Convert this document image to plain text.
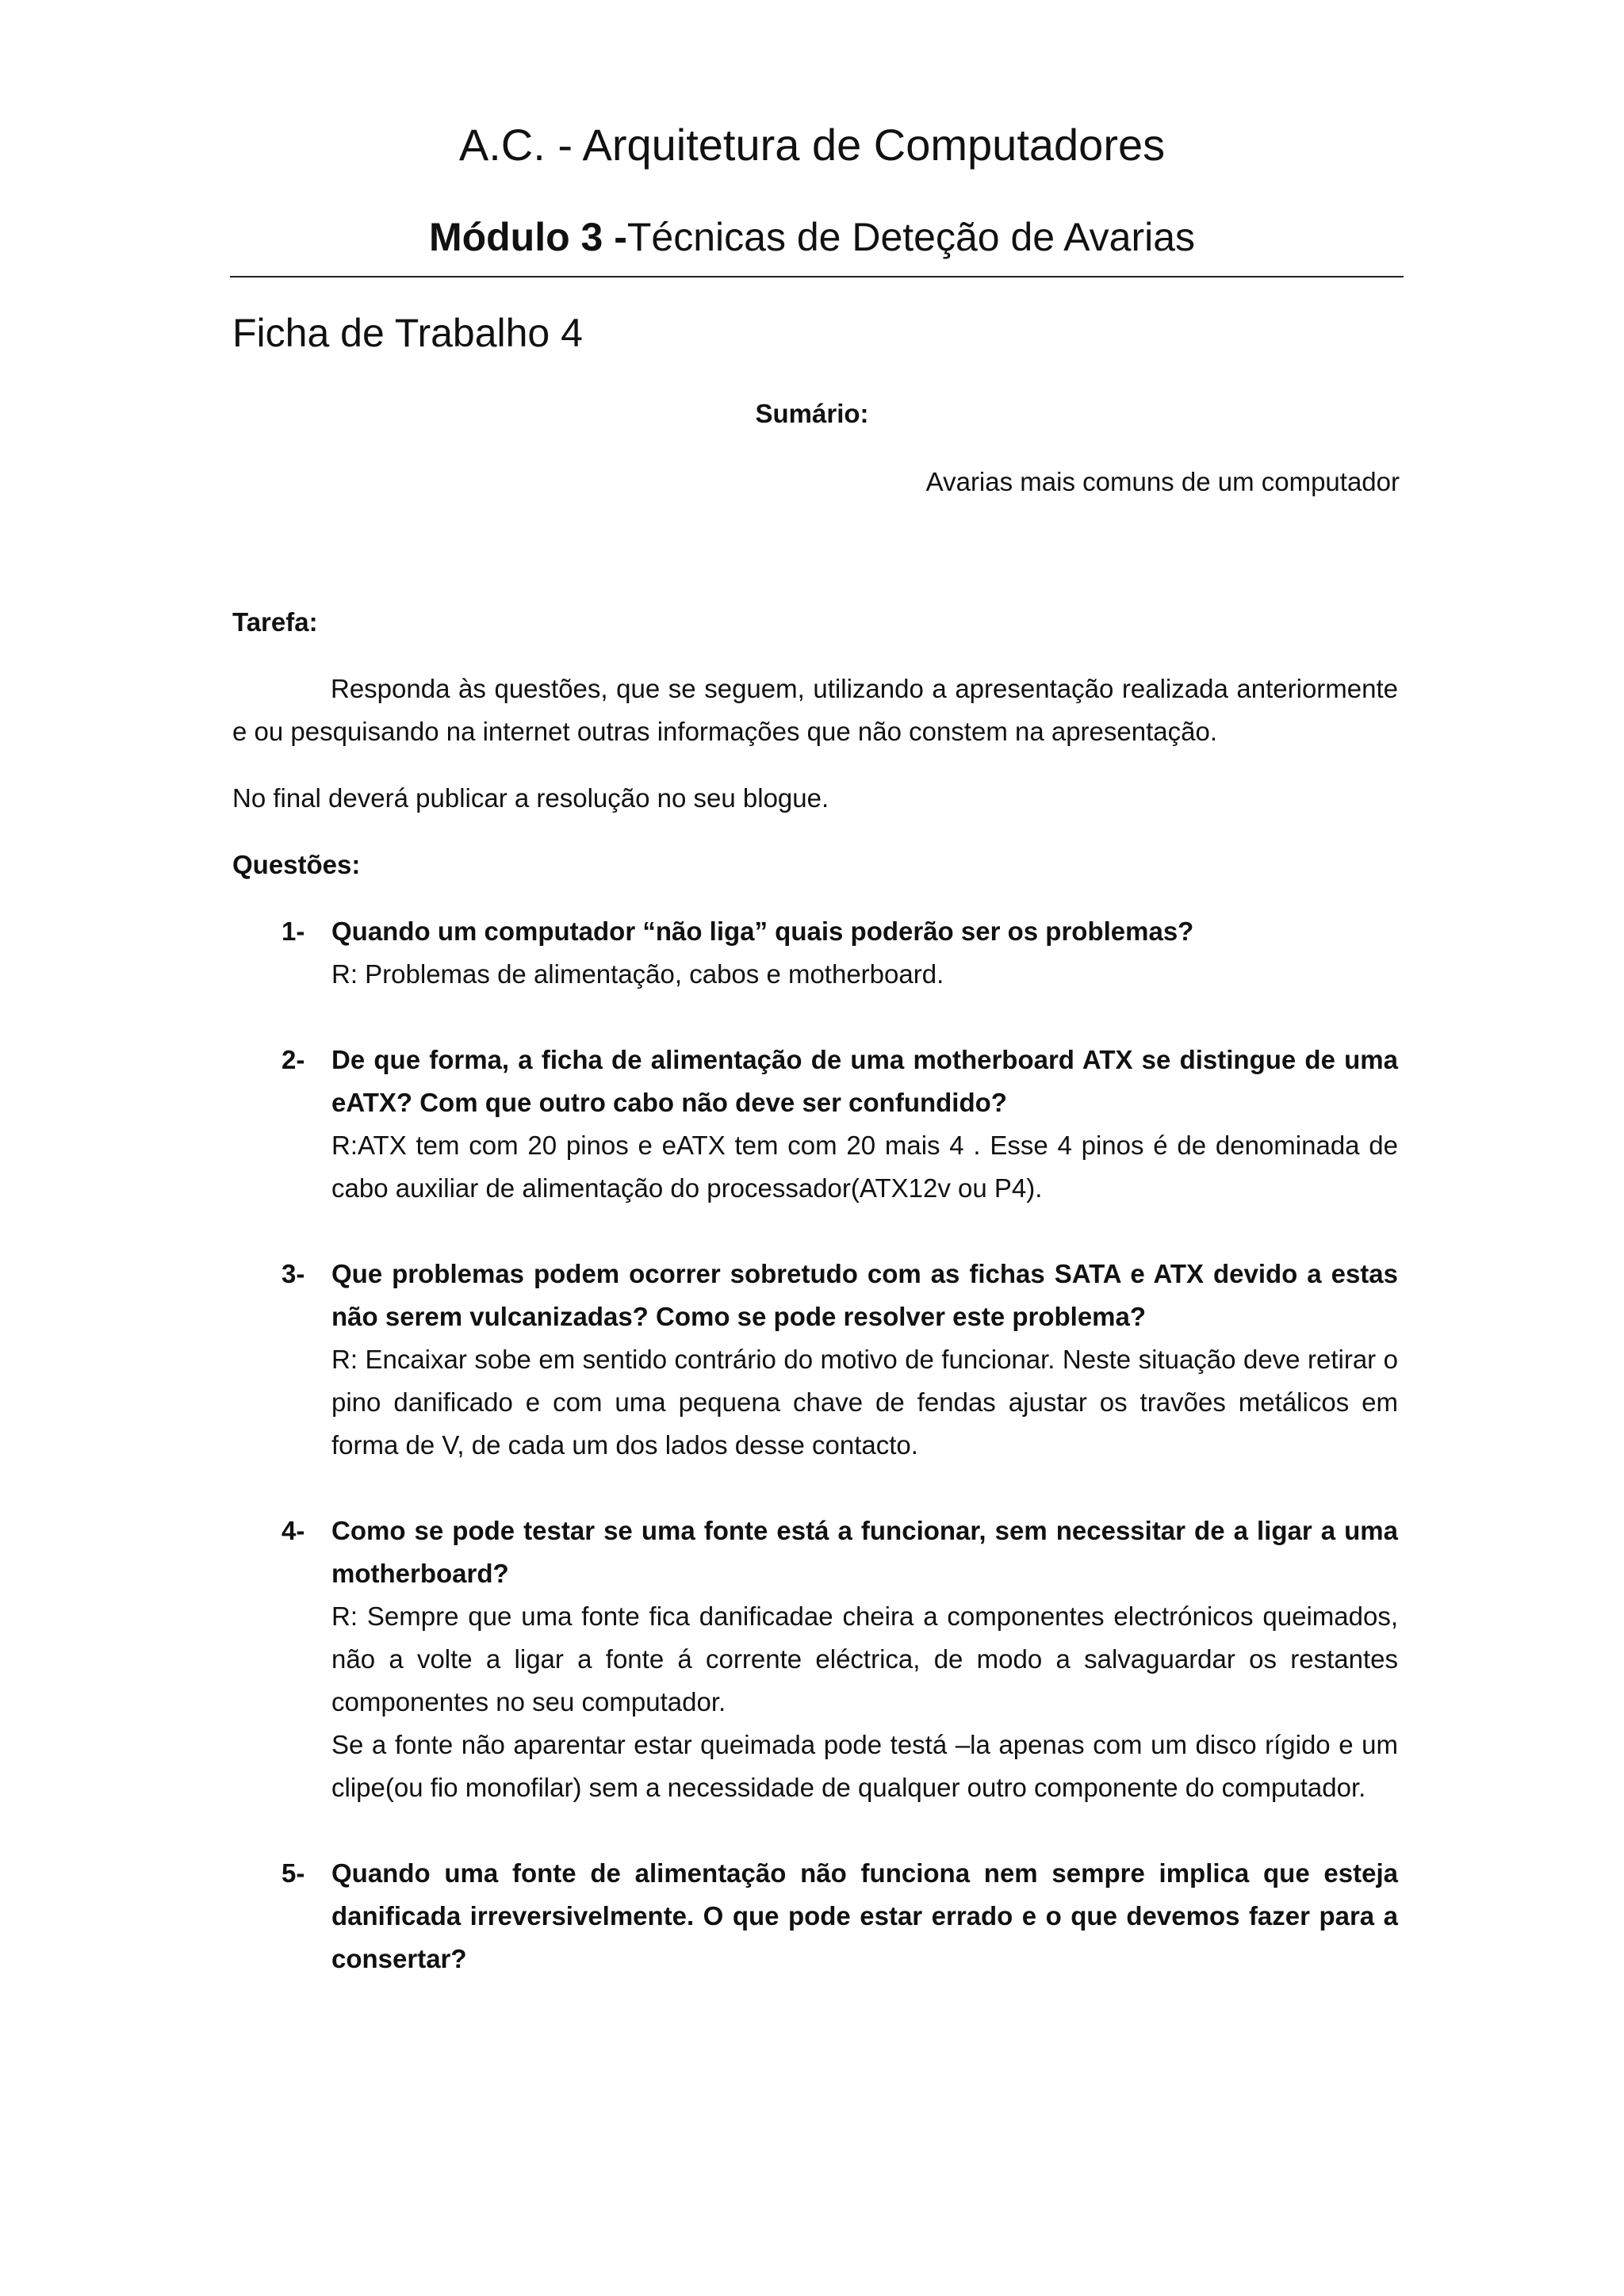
A.C. - Arquitetura de Computadores
Módulo 3 -Técnicas de Deteção de Avarias
Ficha de Trabalho 4
Sumário:
Avarias mais comuns de um computador

Tarefa:

Responda às questões, que se seguem, utilizando a apresentação realizada anteriormente e ou pesquisando na internet outras informações que não constem na apresentação.

No final deverá publicar a resolução no seu blogue.

Questões:

1- Quando um computador “não liga” quais poderão ser os problemas?
R: Problemas de alimentação, cabos e motherboard.
2- De que forma, a ficha de alimentação de uma motherboard ATX se distingue de uma eATX? Com que outro cabo não deve ser confundido?
R:ATX tem com 20 pinos e eATX tem com 20 mais 4 . Esse 4 pinos é de denominada de cabo auxiliar de alimentação do processador(ATX12v ou P4).
3- Que problemas podem ocorrer sobretudo com as fichas SATA e ATX devido a estas não serem vulcanizadas? Como se pode resolver este problema?
R: Encaixar sobe em sentido contrário do motivo de funcionar. Neste situação deve retirar o pino danificado e com uma pequena chave de fendas ajustar os travões metálicos em forma de V, de cada um dos lados desse contacto.
4- Como se pode testar se uma fonte está a funcionar, sem necessitar de a ligar a uma motherboard?
R: Sempre que uma fonte fica danificadae cheira a componentes electrónicos queimados, não a volte a ligar a fonte á corrente eléctrica, de modo a salvaguardar os restantes componentes no seu computador.
Se a fonte não aparentar estar queimada pode testá –la apenas com um disco rígido e um clipe(ou fio monofilar) sem a necessidade de qualquer outro componente do computador.
5- Quando uma fonte de alimentação não funciona nem sempre implica que esteja danificada irreversivelmente. O que pode estar errado e o que devemos fazer para a consertar?
